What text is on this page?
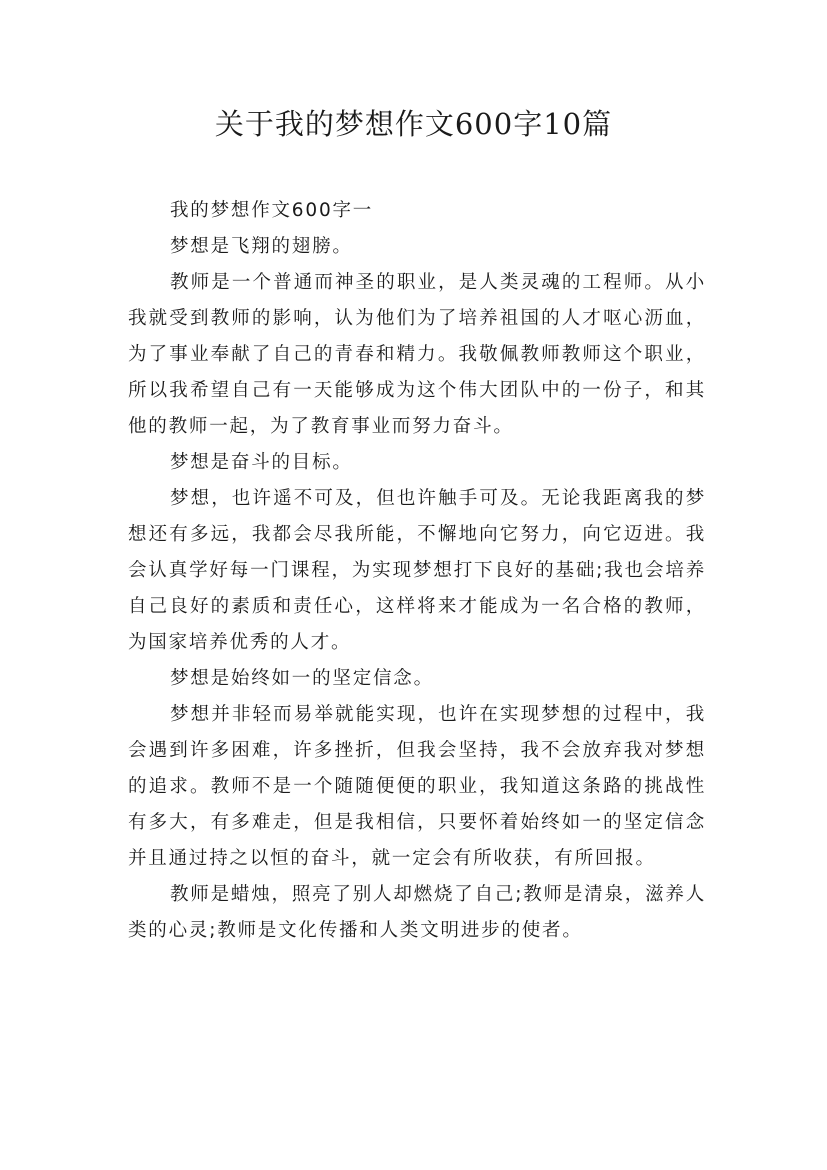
关于我的梦想作文600字10篇

我的梦想作文600字一

梦想是飞翔的翅膀。

教师是一个普通而神圣的职业，是人类灵魂的工程师。从小我就受到教师的影响，认为他们为了培养祖国的人才呕心沥血，为了事业奉献了自己的青春和精力。我敬佩教师教师这个职业，所以我希望自己有一天能够成为这个伟大团队中的一份子，和其他的教师一起，为了教育事业而努力奋斗。

梦想是奋斗的目标。

梦想，也许遥不可及，但也许触手可及。无论我距离我的梦想还有多远，我都会尽我所能，不懈地向它努力，向它迈进。我会认真学好每一门课程，为实现梦想打下良好的基础;我也会培养自己良好的素质和责任心，这样将来才能成为一名合格的教师，为国家培养优秀的人才。

梦想是始终如一的坚定信念。

梦想并非轻而易举就能实现，也许在实现梦想的过程中，我会遇到许多困难，许多挫折，但我会坚持，我不会放弃我对梦想的追求。教师不是一个随随便便的职业，我知道这条路的挑战性有多大，有多难走，但是我相信，只要怀着始终如一的坚定信念并且通过持之以恒的奋斗，就一定会有所收获，有所回报。

教师是蜡烛，照亮了别人却燃烧了自己;教师是清泉，滋养人类的心灵;教师是文化传播和人类文明进步的使者。
